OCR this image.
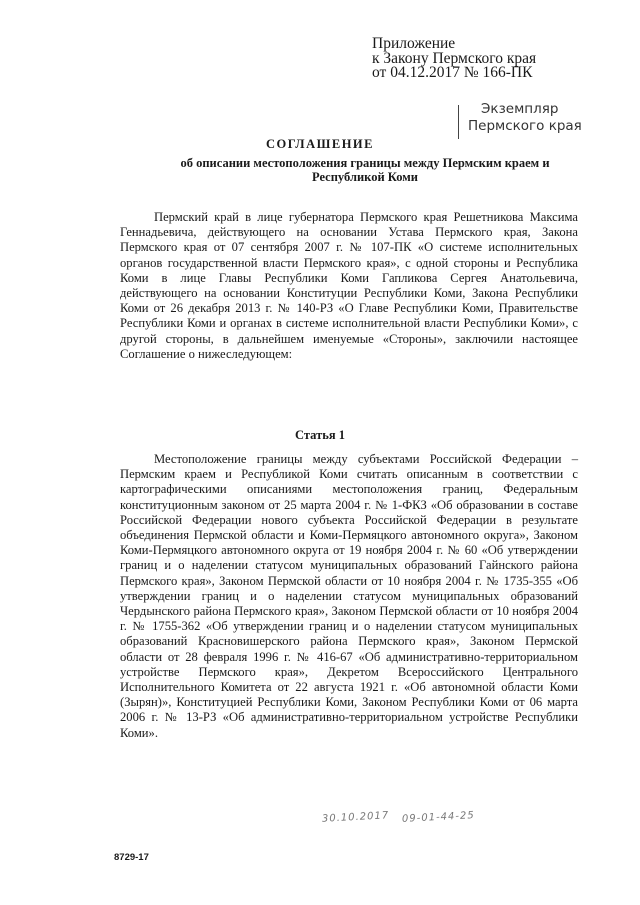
Приложение
к Закону Пермского края
от 04.12.2017 № 166-ПК
Экземпляр
Пермского края
СОГЛАШЕНИЕ
об описании местоположения границы между Пермским краем и Республикой Коми
Пермский край в лице губернатора Пермского края Решетникова Максима Геннадьевича, действующего на основании Устава Пермского края, Закона Пермского края от 07 сентября 2007 г. № 107-ПК «О системе исполнительных органов государственной власти Пермского края», с одной стороны и Республика Коми в лице Главы Республики Коми Гапликова Сергея Анатольевича, действующего на основании Конституции Республики Коми, Закона Республики Коми от 26 декабря 2013 г. № 140-РЗ «О Главе Республики Коми, Правительстве Республики Коми и органах в системе исполнительной власти Республики Коми», с другой стороны, в дальнейшем именуемые «Стороны», заключили настоящее Соглашение о нижеследующем:
Статья 1
Местоположение границы между субъектами Российской Федерации – Пермским краем и Республикой Коми считать описанным в соответствии с картографическими описаниями местоположения границ, Федеральным конституционным законом от 25 марта 2004 г. № 1-ФКЗ «Об образовании в составе Российской Федерации нового субъекта Российской Федерации в результате объединения Пермской области и Коми-Пермяцкого автономного округа», Законом Коми-Пермяцкого автономного округа от 19 ноября 2004 г. № 60 «Об утверждении границ и о наделении статусом муниципальных образований Гайнского района Пермского края», Законом Пермской области от 10 ноября 2004 г. № 1735-355 «Об утверждении границ и о наделении статусом муниципальных образований Чердынского района Пермского края», Законом Пермской области от 10 ноября 2004 г. № 1755-362 «Об утверждении границ и о наделении статусом муниципальных образований Красновишерского района Пермского края», Законом Пермской области от 28 февраля 1996 г. № 416-67 «Об административно-территориальном устройстве Пермского края», Декретом Всероссийского Центрального Исполнительного Комитета от 22 августа 1921 г. «Об автономной области Коми (Зырян)», Конституцией Республики Коми, Законом Республики Коми от 06 марта 2006 г. № 13-РЗ «Об административно-территориальном устройстве Республики Коми».
30.10.2017 09-01-44-25
8729-17
